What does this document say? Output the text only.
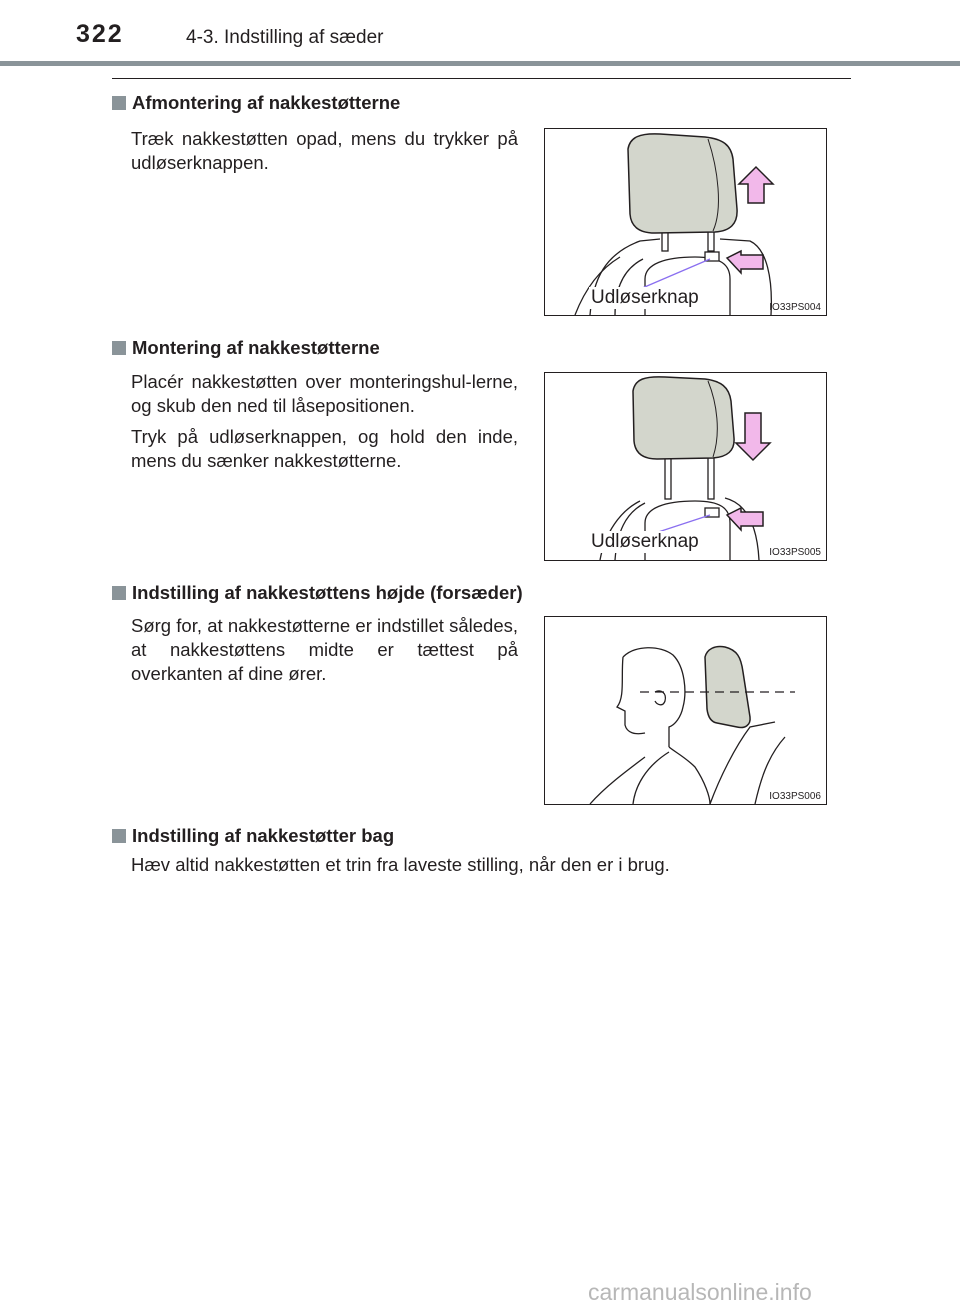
322	4-3. Indstilling af sæder
Afmontering af nakkestøtterne
Træk nakkestøtten opad, mens du trykker på udløserknappen.
Udløserknap	IO33PS004
Montering af nakkestøtterne
Placér nakkestøtten over monteringshul-lerne, og skub den ned til låsepositionen.
Tryk på udløserknappen, og hold den inde, mens du sænker nakkestøtterne.
Udløserknap
IO33PS005
Indstilling af nakkestøttens højde (forsæder)
Sørg for, at nakkestøtterne er indstillet således, at nakkestøttens midte er tættest på overkanten af dine ører.
IO33PS006
Indstilling af nakkestøtter bag
Hæv altid nakkestøtten et trin fra laveste stilling, når den er i brug.
carmanualsonline.info
